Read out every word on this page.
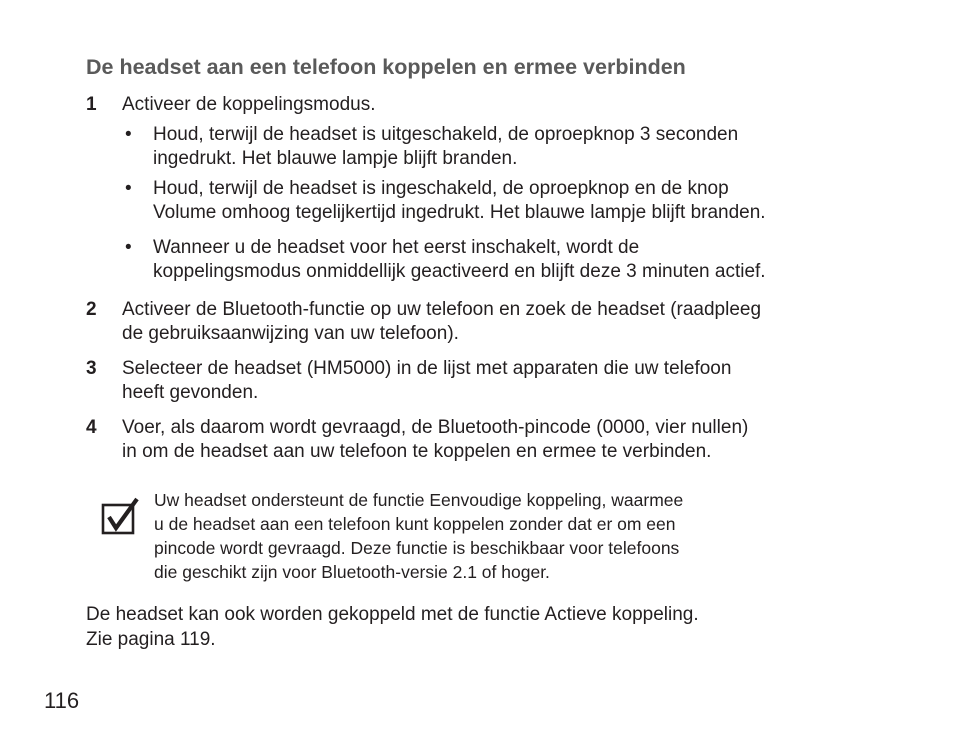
De headset aan een telefoon koppelen en ermee verbinden
1 Activeer de koppelingsmodus.
• Houd, terwijl de headset is uitgeschakeld, de oproepknop 3 seconden
ingedrukt. Het blauwe lampje blijft branden.
• Houd, terwijl de headset is ingeschakeld, de oproepknop en de knop
Volume omhoog tegelijkertijd ingedrukt. Het blauwe lampje blijft branden.
• Wanneer u de headset voor het eerst inschakelt, wordt de
koppelingsmodus onmiddellijk geactiveerd en blijft deze 3 minuten actief.
2 Activeer de Bluetooth-functie op uw telefoon en zoek de headset (raadpleeg
de gebruiksaanwijzing van uw telefoon).
3 Selecteer de headset (HM5000) in de lijst met apparaten die uw telefoon
heeft gevonden.
4 Voer, als daarom wordt gevraagd, de Bluetooth-pincode (0000, vier nullen)
in om de headset aan uw telefoon te koppelen en ermee te verbinden.
Uw headset ondersteunt de functie Eenvoudige koppeling, waarmee
u de headset aan een telefoon kunt koppelen zonder dat er om een
pincode wordt gevraagd. Deze functie is beschikbaar voor telefoons
die geschikt zijn voor Bluetooth-versie 2.1 of hoger.
De headset kan ook worden gekoppeld met de functie Actieve koppeling.
Zie pagina 119.
116
